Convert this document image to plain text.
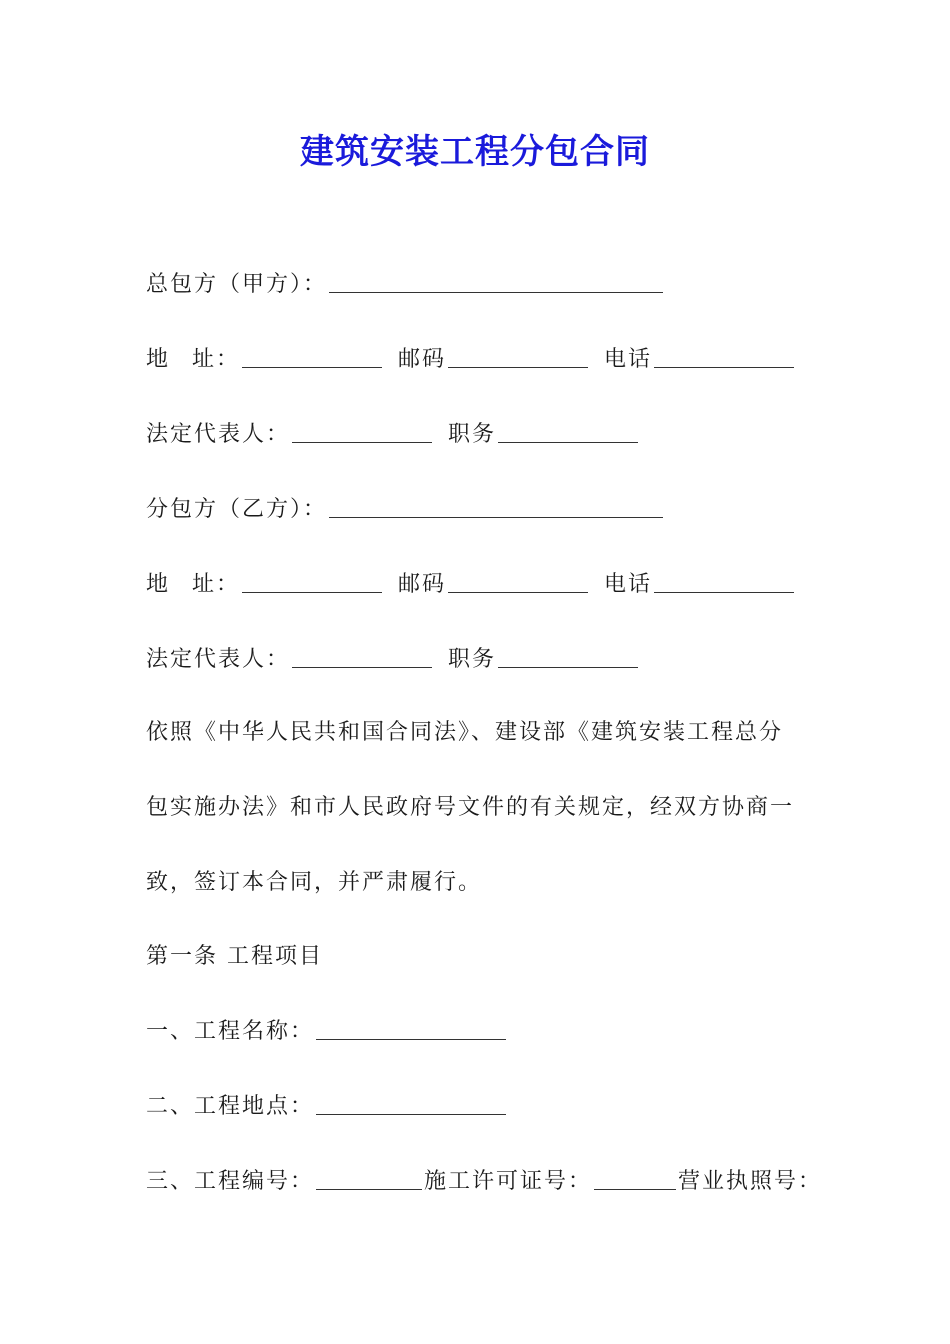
建筑安装工程分包合同
总包方（甲方）：
地 址：	邮码	电话
法定代表人：	职务
分包方（乙方）：
地 址：	邮码	电话
法定代表人：	职务
依照《中华人民共和国合同法》、建设部《建筑安装工程总分
包实施办法》和市人民政府号文件的有关规定，经双方协商一
致，签订本合同，并严肃履行。
第一条 工程项目
一、工程名称：
二、工程地点：
三、工程编号：	施工许可证号：	营业执照号：
